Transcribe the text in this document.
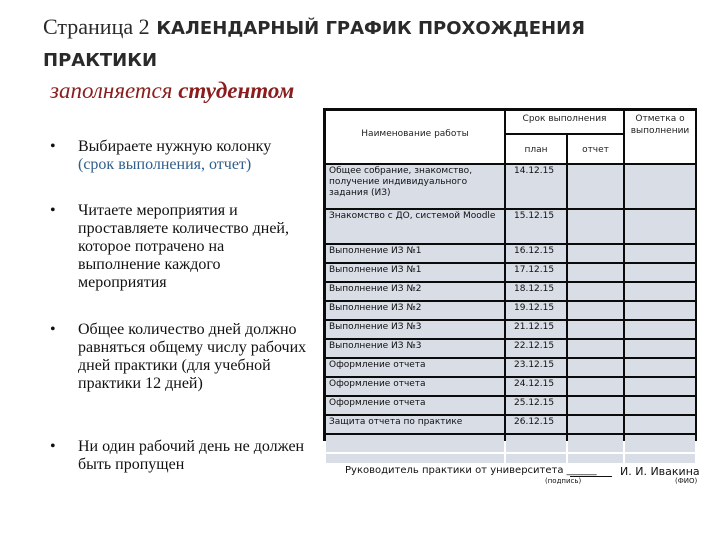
Страница 2 КАЛЕНДАРНЫЙ ГРАФИК ПРОХОЖДЕНИЯ ПРАКТИКИ
заполняется студентом
• Выбираете нужную колонку
(срок выполнения, отчет)
• Читаете мероприятия и проставляете количество дней, которое потрачено на выполнение каждого мероприятия
• Общее количество дней должно равняться общему числу рабочих дней практики (для учебной практики 12 дней)
• Ни один рабочий день не должен быть пропущен
Наименование работы
Срок выполнения
план	отчет
Отметка о выполнении
Общее собрание, знакомство, получение индивидуального задания (ИЗ)
14.12.15
Знакомство с ДО, системой Moodle	15.12.15
Выполнение ИЗ №1	16.12.15
Выполнение ИЗ №1	17.12.15
Выполнение ИЗ №2	18.12.15
Выполнение ИЗ №2	19.12.15
Выполнение ИЗ №3	21.12.15
Выполнение ИЗ №3	22.12.15
Оформление отчета	23.12.15
Оформление отчета	24.12.15
Оформление отчета	25.12.15
Защита отчета по практике	26.12.15
Руководитель практики от университета ______ И. И. Ивакина
(подпись)	(ФИО)
